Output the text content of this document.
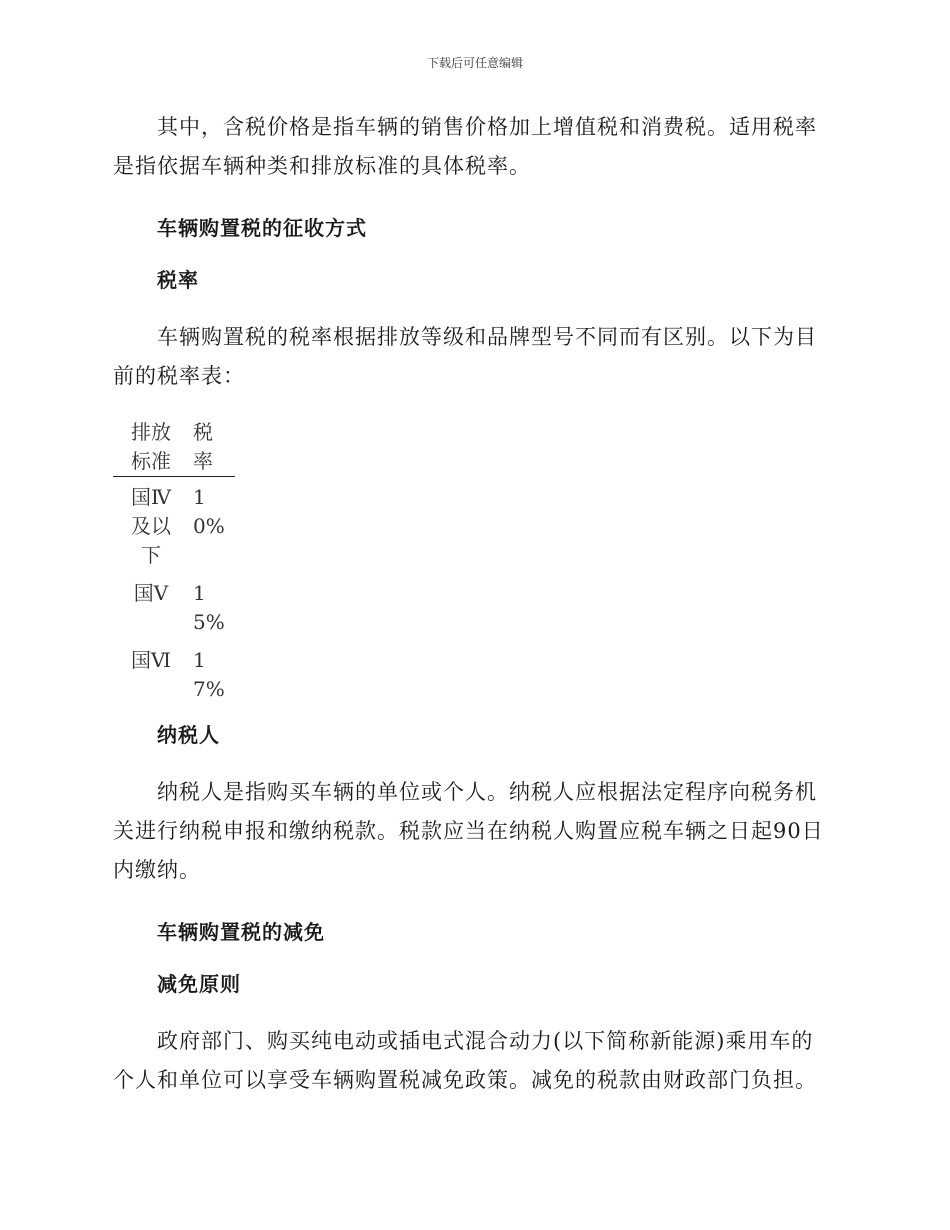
下载后可任意编辑

其中，含税价格是指车辆的销售价格加上增值税和消费税。适用税率是指依据车辆种类和排放标准的具体税率。

车辆购置税的征收方式
税率

车辆购置税的税率根据排放等级和品牌型号不同而有区别。以下为目前的税率表：

排放标准	税率
国Ⅳ及以下	10%
国Ⅴ	15%
国Ⅵ	17%
纳税人

纳税人是指购买车辆的单位或个人。纳税人应根据法定程序向税务机关进行纳税申报和缴纳税款。税款应当在纳税人购置应税车辆之日起90日内缴纳。

车辆购置税的减免
减免原则

政府部门、购买纯电动或插电式混合动力(以下简称新能源)乘用车的个人和单位可以享受车辆购置税减免政策。减免的税款由财政部门负担。
